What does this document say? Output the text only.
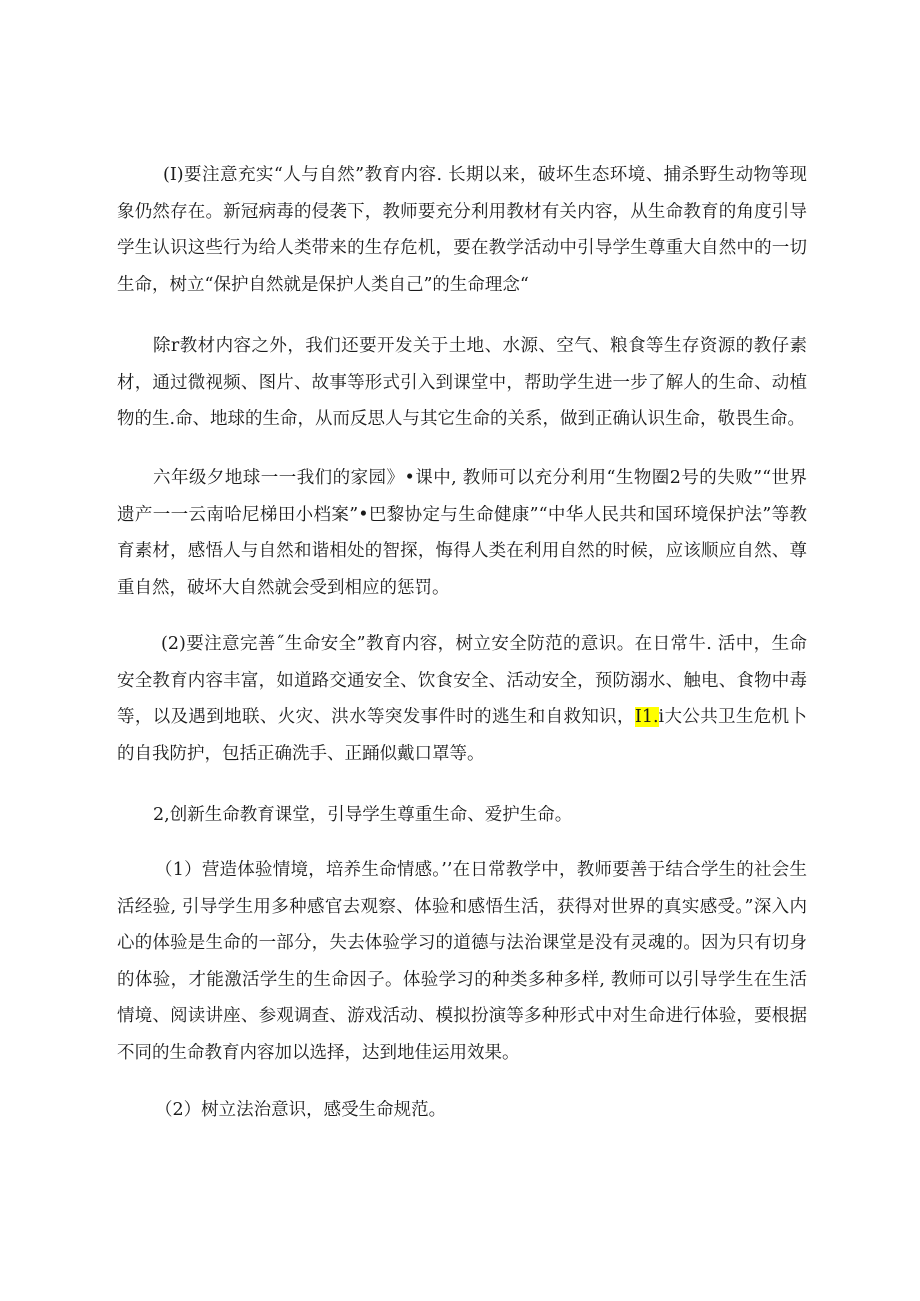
(I)要注意充实“人与自然”教育内容. 长期以来，破坏生态环境、捕杀野生动物等现象仍然存在。新冠病毒的侵袭下，教师要充分利用教材有关内容，从生命教育的角度引导学生认识这些行为给人类带来的生存危机，要在教学活动中引导学生尊重大自然中的一切生命，树立“保护自然就是保护人类自己”的生命理念“

除r教材内容之外，我们还要开发关于土地、水源、空气、粮食等生存资源的教仔素材，通过微视频、图片、故事等形式引入到课堂中，帮助学生进一步了解人的生命、动植物的生.命、地球的生命，从而反思人与其它生命的关系，做到正确认识生命，敬畏生命。

六年级夕地球一一我们的家园》•课中, 教师可以充分利用“生物圈2号的失败”“世界遗产一一云南哈尼梯田小档案”•巴黎协定与生命健康”“中华人民共和国环境保护法”等教育素材，感悟人与自然和谐相处的智探，悔得人类在利用自然的时候，应该顺应自然、尊重自然，破坏大自然就会受到相应的惩罚。

(2)要注意完善˝生命安全”教育内容，树立安全防范的意识。在日常牛. 活中，生命安全教育内容丰富，如道路交通安全、饮食安全、活动安全，预防溺水、触电、食物中毒等，以及遇到地联、火灾、洪水等突发事件时的逃生和自救知识，I1.i大公共卫生危机卜的自我防护，包括正确洗手、正踊似戴口罩等。

2,创新生命教育课堂，引导学生尊重生命、爱护生命。

（1）营造体验情境，培养生命情感。’’在日常教学中，教师要善于结合学生的社会生活经验, 引导学生用多种感官去观察、体验和感悟生活，获得对世界的真实感受。”深入内心的体验是生命的一部分，失去体验学习的道德与法治课堂是没有灵魂的。因为只有切身的体验，才能激活学生的生命因子。体验学习的种类多种多样, 教师可以引导学生在生活情境、阅读讲座、参观调查、游戏活动、模拟扮演等多种形式中对生命进行体验，要根据不同的生命教育内容加以选择，达到地佳运用效果。

（2）树立法治意识，感受生命规范。
